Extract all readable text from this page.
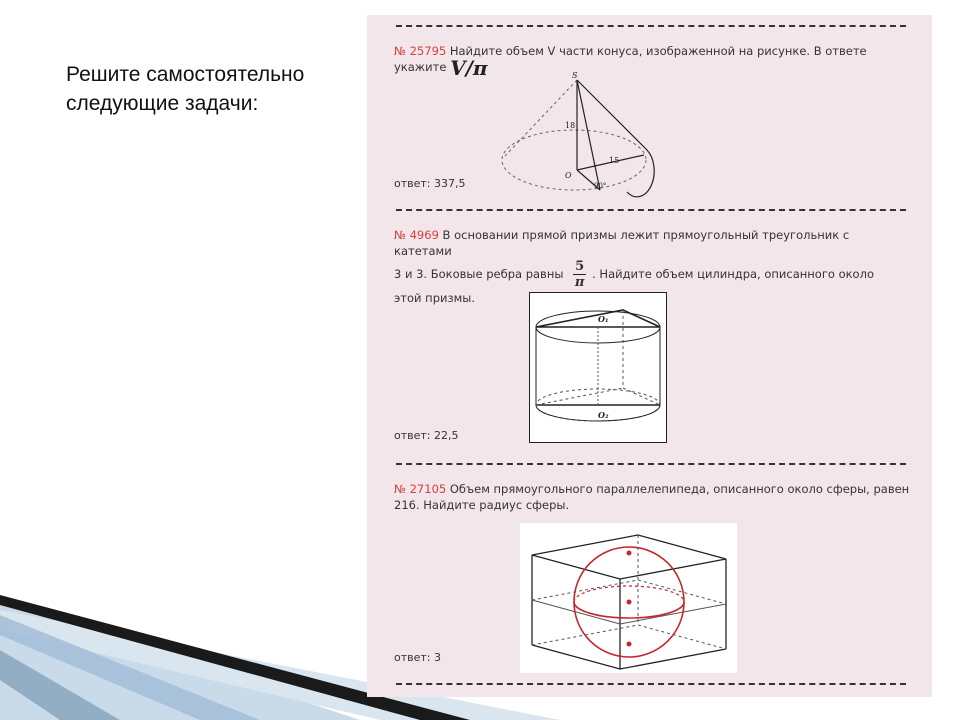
Решите самостоятельно следующие задачи:
№ 25795 Найдите объем V части конуса, изображенной на рисунке. В ответе укажите V/π	S
18
15
O
90°
ответ: 337,5
№ 4969 В основании прямой призмы лежит прямоугольный треугольник с катетами
3 и 3. Боковые ребра равны $\frac{5}{\pi}$ . Найдите объем цилиндра, описанного около этой призмы.
O₁
O₂
ответ: 22,5
№ 27105 Объем прямоугольного параллелепипеда, описанного около сферы, равен 216. Найдите радиус сферы.
ответ: 3
